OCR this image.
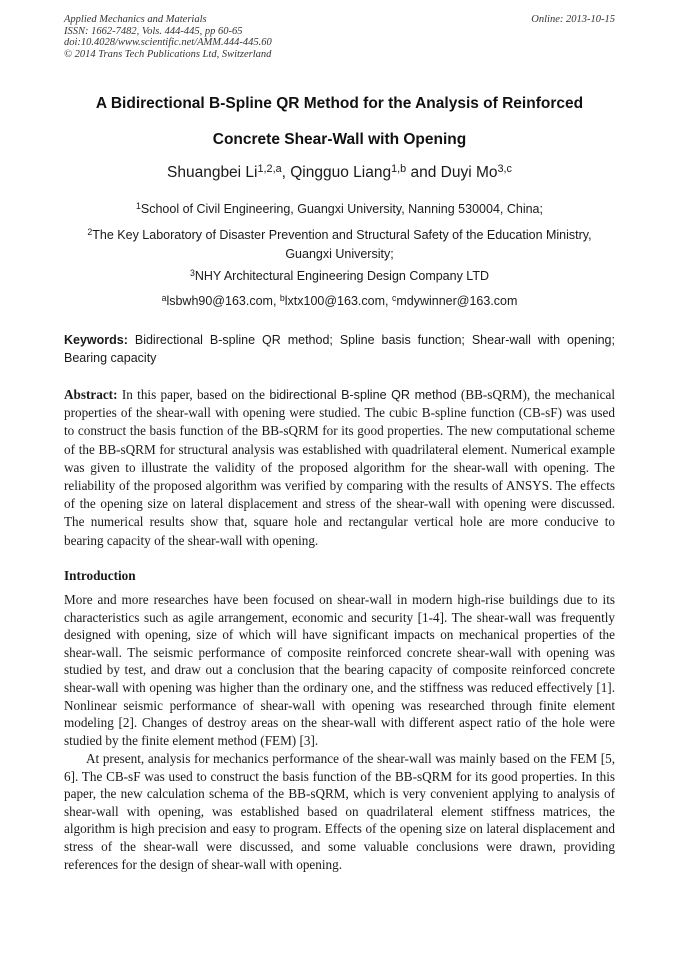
Applied Mechanics and Materials
ISSN: 1662-7482, Vols. 444-445, pp 60-65
doi:10.4028/www.scientific.net/AMM.444-445.60
© 2014 Trans Tech Publications Ltd, Switzerland
Online: 2013-10-15
A Bidirectional B-Spline QR Method for the Analysis of Reinforced
Concrete Shear-Wall with Opening
Shuangbei Li$^{1,2,a}$, Qingguo Liang$^{1,b}$ and Duyi Mo$^{3,c}$
$^1$School of Civil Engineering, Guangxi University, Nanning 530004, China;
$^2$The Key Laboratory of Disaster Prevention and Structural Safety of the Education Ministry, Guangxi University;
$^3$NHY Architectural Engineering Design Company LTD
$^a$lsbwh90@163.com, $^b$lxtx100@163.com, $^c$mdywinner@163.com
Keywords: Bidirectional B-spline QR method; Spline basis function; Shear-wall with opening; Bearing capacity
Abstract: In this paper, based on the bidirectional B-spline QR method (BB-sQRM), the mechanical properties of the shear-wall with opening were studied. The cubic B-spline function (CB-sF) was used to construct the basis function of the BB-sQRM for its good properties. The new computational scheme of the BB-sQRM for structural analysis was established with quadrilateral element. Numerical example was given to illustrate the validity of the proposed algorithm for the shear-wall with opening. The reliability of the proposed algorithm was verified by comparing with the results of ANSYS. The effects of the opening size on lateral displacement and stress of the shear-wall with opening were discussed. The numerical results show that, square hole and rectangular vertical hole are more conducive to bearing capacity of the shear-wall with opening.
Introduction
More and more researches have been focused on shear-wall in modern high-rise buildings due to its characteristics such as agile arrangement, economic and security [1-4]. The shear-wall was frequently designed with opening, size of which will have significant impacts on mechanical properties of the shear-wall. The seismic performance of composite reinforced concrete shear-wall with opening was studied by test, and draw out a conclusion that the bearing capacity of composite reinforced concrete shear-wall with opening was higher than the ordinary one, and the stiffness was reduced effectively [1]. Nonlinear seismic performance of shear-wall with opening was researched through finite element modeling [2]. Changes of destroy areas on the shear-wall with different aspect ratio of the hole were studied by the finite element method (FEM) [3].
At present, analysis for mechanics performance of the shear-wall was mainly based on the FEM [5, 6]. The CB-sF was used to construct the basis function of the BB-sQRM for its good properties. In this paper, the new calculation schema of the BB-sQRM, which is very convenient applying to analysis of shear-wall with opening, was established based on quadrilateral element stiffness matrices, the algorithm is high precision and easy to program. Effects of the opening size on lateral displacement and stress of the shear-wall were discussed, and some valuable conclusions were drawn, providing references for the design of shear-wall with opening.
